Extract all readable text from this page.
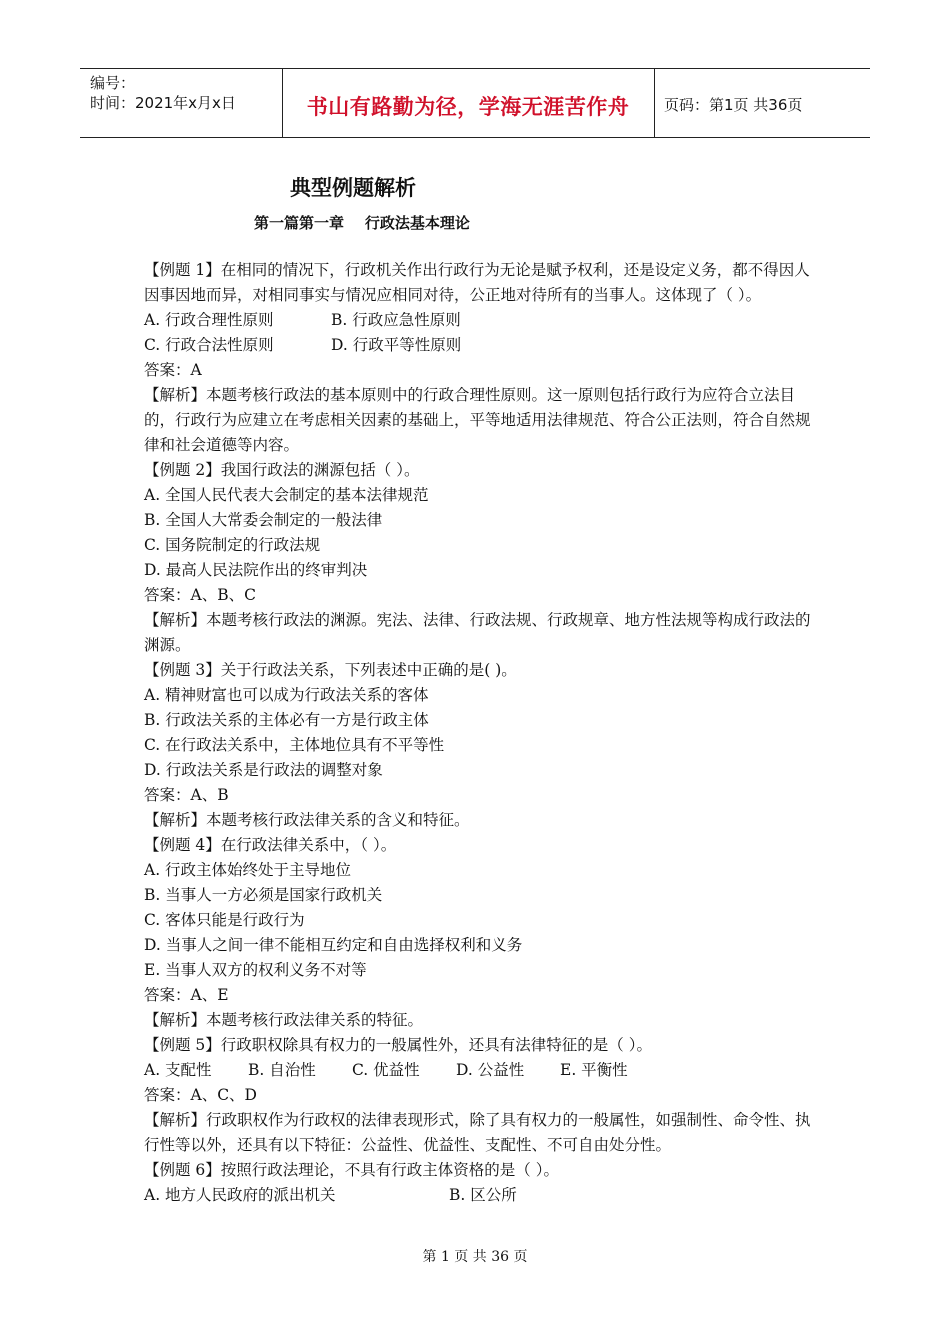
编号：
时间：2021年x月x日	书山有路勤为径，学海无涯苦作舟	页码：第1页 共36页
典型例题解析
第一篇第一章    行政法基本理论

【例题 1】在相同的情况下，行政机关作出行政行为无论是赋予权利，还是设定义务，都不得因人因事因地而异，对相同事实与情况应相同对待，公正地对待所有的当事人。这体现了（ ）。

A. 行政合理性原则	B. 行政应急性原则
C. 行政合法性原则	D. 行政平等性原则

答案：A

【解析】本题考核行政法的基本原则中的行政合理性原则。这一原则包括行政行为应符合立法目的，行政行为应建立在考虑相关因素的基础上，平等地适用法律规范、符合公正法则，符合自然规律和社会道德等内容。

【例题 2】我国行政法的渊源包括（ ）。

A. 全国人民代表大会制定的基本法律规范

B. 全国人大常委会制定的一般法律

C. 国务院制定的行政法规

D. 最高人民法院作出的终审判决

答案：A、B、C

【解析】本题考核行政法的渊源。宪法、法律、行政法规、行政规章、地方性法规等构成行政法的渊源。

【例题 3】关于行政法关系，下列表述中正确的是( )。

A. 精神财富也可以成为行政法关系的客体

B. 行政法关系的主体必有一方是行政主体

C. 在行政法关系中，主体地位具有不平等性

D. 行政法关系是行政法的调整对象

答案：A、B

【解析】本题考核行政法律关系的含义和特征。

【例题 4】在行政法律关系中，（ ）。

A. 行政主体始终处于主导地位

B. 当事人一方必须是国家行政机关

C. 客体只能是行政行为

D. 当事人之间一律不能相互约定和自由选择权利和义务

E. 当事人双方的权利义务不对等

答案：A、E

【解析】本题考核行政法律关系的特征。

【例题 5】行政职权除具有权力的一般属性外，还具有法律特征的是（ ）。

A. 支配性	B. 自治性	C. 优益性	D. 公益性	E. 平衡性

答案：A、C、D

【解析】行政职权作为行政权的法律表现形式，除了具有权力的一般属性，如强制性、命令性、执行性等以外，还具有以下特征：公益性、优益性、支配性、不可自由处分性。

【例题 6】按照行政法理论，不具有行政主体资格的是（ ）。

A. 地方人民政府的派出机关	B. 区公所
第 1 页 共 36 页
